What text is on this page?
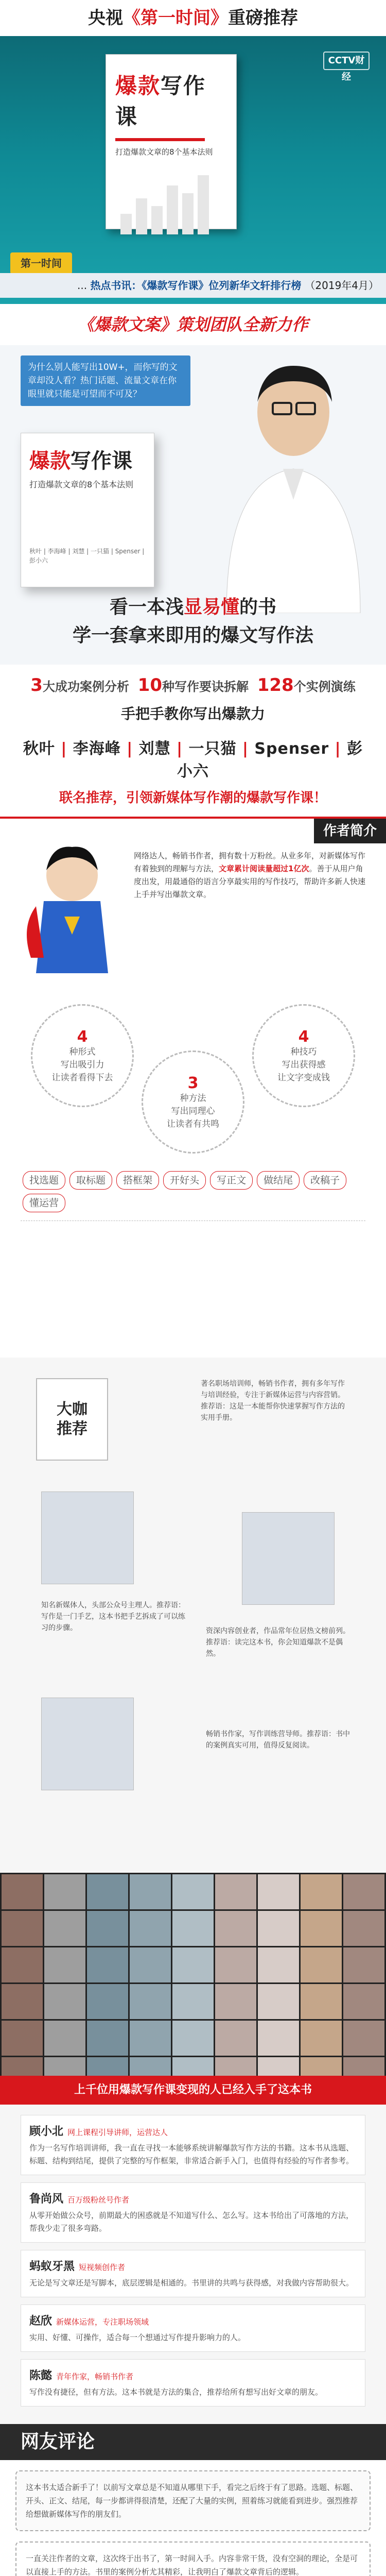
央视《第一时间》重磅推荐
CCTV财经
爆款写作课
打造爆款文章的8个基本法则
第一时间
... 热点书讯：《爆款写作课》位列新华文轩排行榜 （2019年4月）
《爆款文案》策划团队全新力作
为什么别人能写出10W+，而你写的文章却没人看？热门话题、流量文章在你眼里就只能是可望而不可及？
爆款写作课
打造爆款文章的8个基本法则
秋叶 | 李海峰 | 刘慧 | 一只猫 | Spenser | 彭小六
看一本浅显易懂的书
学一套拿来即用的爆文写作法
3大成功案例分析 10种写作要诀拆解 128个实例演练
手把手教你写出爆款力
秋叶 | 李海峰 | 刘慧 | 一只猫 | Spenser | 彭小六
联名推荐，引领新媒体写作潮的爆款写作课！
作者简介
网络达人，畅销书作者，拥有数十万粉丝。从业多年，对新媒体写作有着独到的理解与方法，文章累计阅读量超过1亿次。善于从用户角度出发，用最通俗的语言分享最实用的写作技巧，帮助许多新人快速上手并写出爆款文章。
4
种形式
写出吸引力
让读者看得下去	3
种方法
写出同理心
让读者有共鸣
4
种技巧
写出获得感
让文字变成钱
找选题 取标题 搭框架 开好头 写正文 做结尾 改稿子懂运营
大咖
推荐
著名职场培训师，畅销书作者，拥有多年写作与培训经验，专注于新媒体运营与内容营销。推荐语：这是一本能帮你快速掌握写作方法的实用手册。
知名新媒体人，头部公众号主理人。推荐语：写作是一门手艺，这本书把手艺拆成了可以练习的步骤。	资深内容创业者，作品常年位居热文榜前列。推荐语：读完这本书，你会知道爆款不是偶然。
畅销书作家，写作训练营导师。推荐语：书中的案例真实可用，值得反复阅读。
上千位用爆款写作课变现的人已经入手了这本书
顾小北 网上课程引导讲师，运营达人

作为一名写作培训讲师，我一直在寻找一本能够系统讲解爆款写作方法的书籍。这本书从选题、标题、结构到结尾，提供了完整的写作框架，非常适合新手入门，也值得有经验的写作者参考。

鲁尚风 百万级粉丝号作者

从零开始做公众号，前期最大的困惑就是不知道写什么、怎么写。这本书给出了可落地的方法，帮我少走了很多弯路。

蚂蚁牙黑 短视频创作者

无论是写文章还是写脚本，底层逻辑是相通的。书里讲的共鸣与获得感，对我做内容帮助很大。

赵欣 新媒体运营，专注职场领域

实用、好懂、可操作，适合每一个想通过写作提升影响力的人。

陈懿 青年作家，畅销书作者

写作没有捷径，但有方法。这本书就是方法的集合，推荐给所有想写出好文章的朋友。

网友评论
这本书太适合新手了！以前写文章总是不知道从哪里下手，看完之后终于有了思路。选题、标题、开头、正文、结尾，每一步都讲得很清楚，还配了大量的实例，照着练习就能看到进步。强烈推荐给想做新媒体写作的朋友们。
一直关注作者的文章，这次终于出书了，第一时间入手。内容非常干货，没有空洞的理论，全是可以直接上手的方法。书里的案例分析尤其精彩，让我明白了爆款文章背后的逻辑。
